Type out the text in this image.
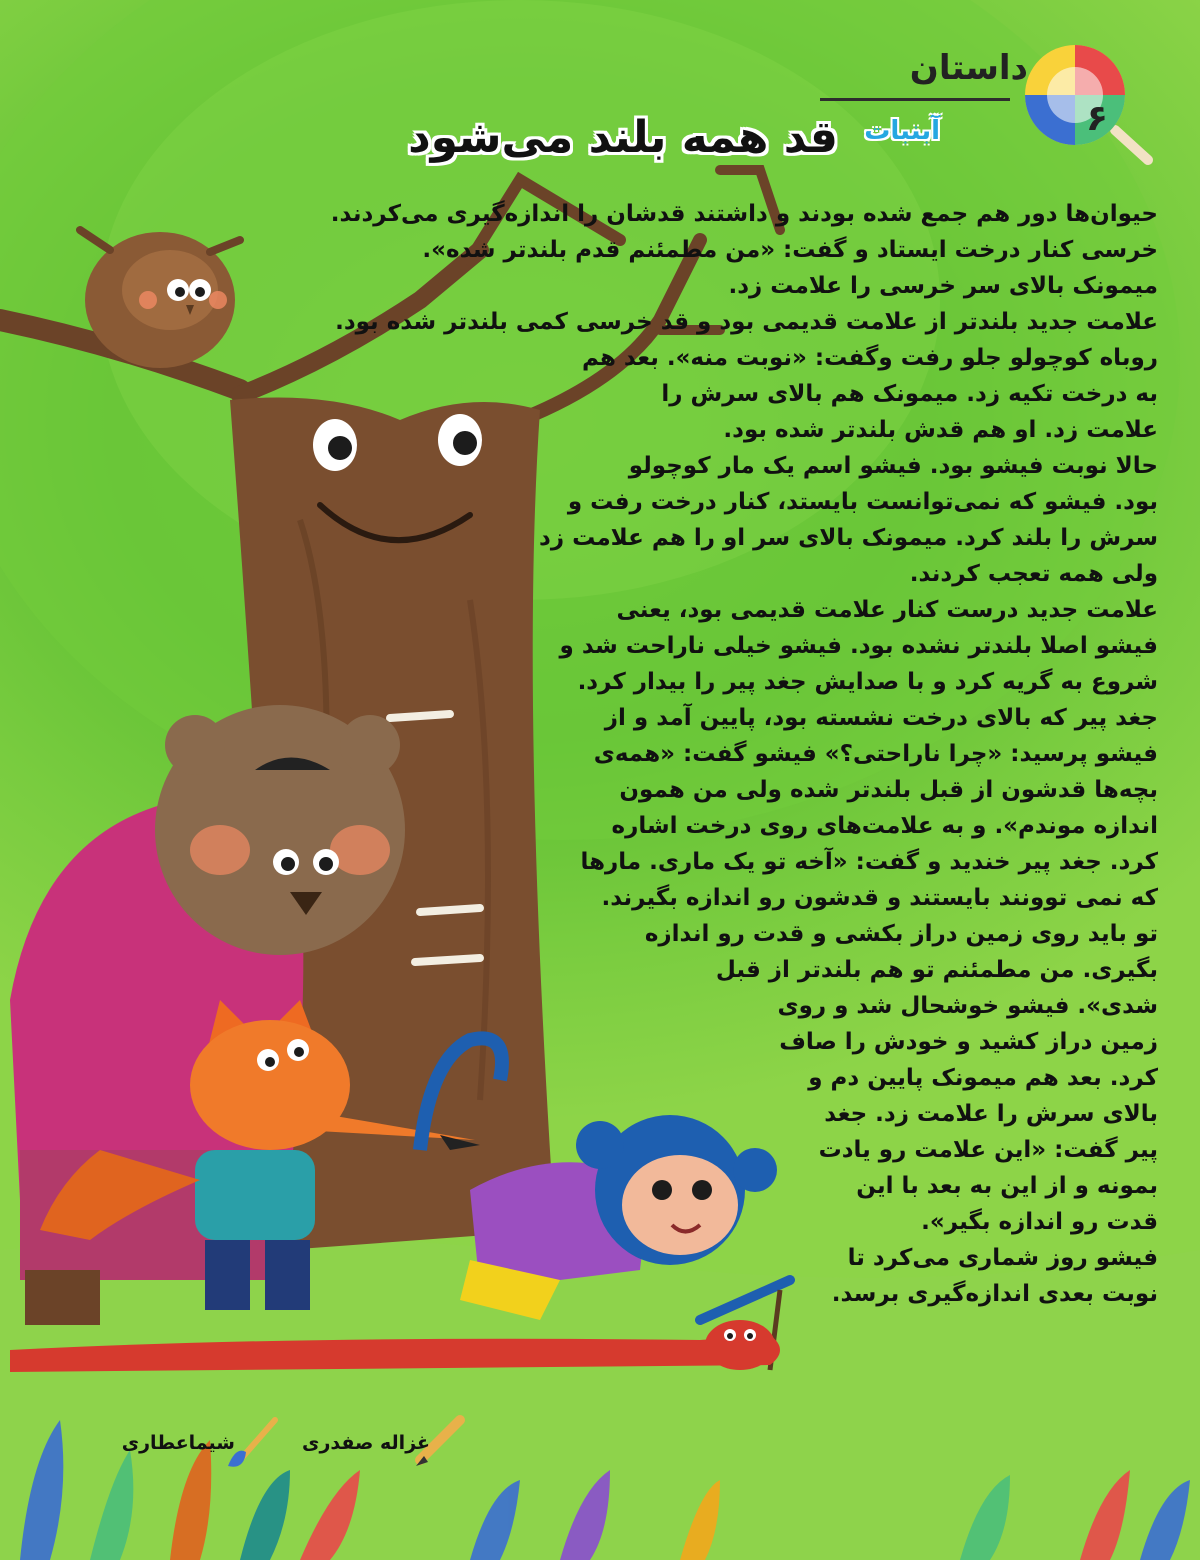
داستان
آبنبات	۶
قد همه بلند می‌شود
حیوان‌ها دور هم جمع شده بودند و داشتند قدشان را اندازه‌گیری می‌کردند.
خرسی کنار درخت ایستاد و گفت: «من مطمئنم قدم بلندتر شده».
میمونک بالای سر خرسی را علامت زد.
علامت جدید بلندتر از علامت قدیمی بود و قد خرسی کمی بلندتر شده بود.
روباه کوچولو جلو رفت وگفت: «نوبت منه». بعد هم
به درخت تکیه زد. میمونک هم بالای سرش را
علامت زد. او هم قدش بلندتر شده بود.
حالا نوبت فیشو بود. فیشو اسم یک مار کوچولو
بود. فیشو که نمی‌توانست بایستد، کنار درخت رفت و
سرش را بلند کرد. میمونک بالای سر او را هم علامت زد
ولی همه تعجب کردند.
علامت جدید درست کنار علامت قدیمی بود، یعنی
فیشو اصلا بلندتر نشده بود. فیشو خیلی ناراحت شد و
شروع به گریه کرد و با صدایش جغد پیر را بیدار کرد.
جغد پیر که بالای درخت نشسته بود، پایین آمد و از
فیشو پرسید: «چرا ناراحتی؟» فیشو گفت: «همه‌ی
بچه‌ها قدشون از قبل بلندتر شده ولی من همون
اندازه موندم». و به علامت‌های روی درخت اشاره
کرد. جغد پیر خندید و گفت: «آخه تو یک ماری. مارها
که نمی توونند بایستند و قدشون رو اندازه بگیرند.
تو باید روی زمین دراز بکشی و قدت رو اندازه
بگیری. من مطمئنم تو هم بلندتر از قبل
شدی». فیشو خوشحال شد و روی
زمین دراز کشید و خودش را صاف
کرد. بعد هم میمونک پایین دم و
بالای سرش را علامت زد. جغد
پیر گفت: «این علامت رو یادت
بمونه و از این به بعد با این
قدت رو اندازه بگیر».
فیشو روز شماری می‌کرد تا
نوبت بعدی اندازه‌گیری برسد.
غزاله صفدری
شیماعطاری
